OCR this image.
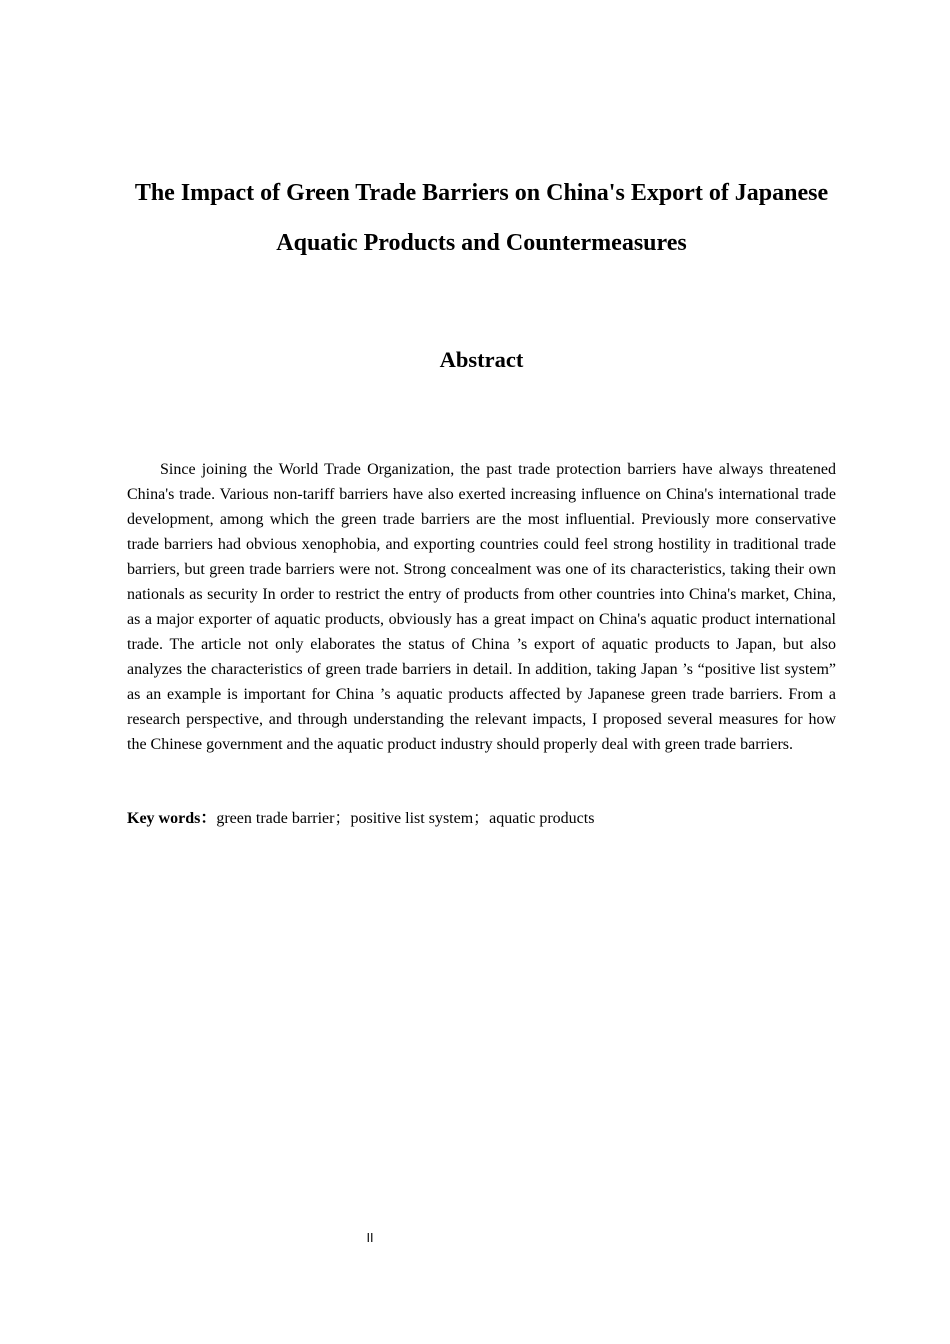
The Impact of Green Trade Barriers on China's Export of Japanese Aquatic Products and Countermeasures
Abstract

Since joining the World Trade Organization, the past trade protection barriers have always threatened China's trade. Various non-tariff barriers have also exerted increasing influence on China's international trade development, among which the green trade barriers are the most influential. Previously more conservative trade barriers had obvious xenophobia, and exporting countries could feel strong hostility in traditional trade barriers, but green trade barriers were not. Strong concealment was one of its characteristics, taking their own nationals as security In order to restrict the entry of products from other countries into China's market, China, as a major exporter of aquatic products, obviously has a great impact on China's aquatic product international trade. The article not only elaborates the status of China ’s export of aquatic products to Japan, but also analyzes the characteristics of green trade barriers in detail. In addition, taking Japan ’s “positive list system” as an example is important for China ’s aquatic products affected by Japanese green trade barriers. From a research perspective, and through understanding the relevant impacts, I proposed several measures for how the Chinese government and the aquatic product industry should properly deal with green trade barriers.

Key words：green trade barrier；positive list system；aquatic products

II
